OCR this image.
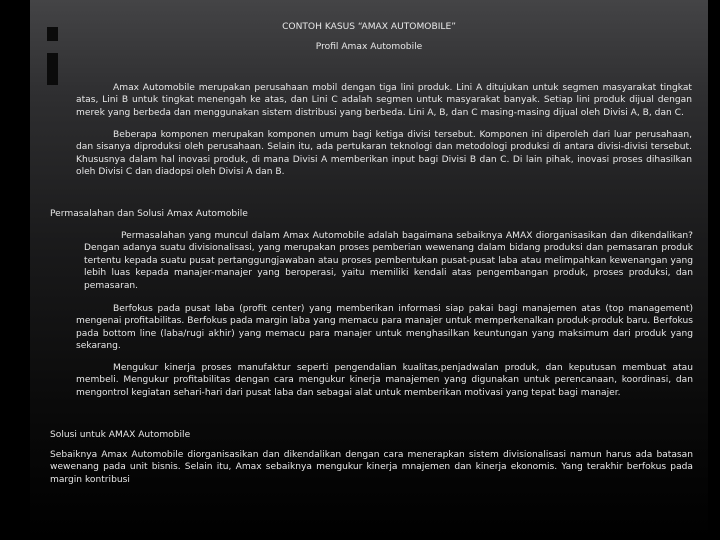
CONTOH KASUS “AMAX AUTOMOBILE”

Profil Amax Automobile

Amax Automobile merupakan perusahaan mobil dengan tiga lini produk. Lini A ditujukan untuk segmen masyarakat tingkat atas, Lini B untuk tingkat menengah ke atas, dan Lini C adalah segmen untuk masyarakat banyak. Setiap lini produk dijual dengan merek yang berbeda dan menggunakan sistem distribusi yang berbeda. Lini A, B, dan C masing-masing dijual oleh Divisi A, B, dan C.

Beberapa komponen merupakan komponen umum bagi ketiga divisi tersebut. Komponen ini diperoleh dari luar perusahaan, dan sisanya diproduksi oleh perusahaan. Selain itu, ada pertukaran teknologi dan metodologi produksi di antara divisi-divisi tersebut. Khususnya dalam hal inovasi produk, di mana Divisi A memberikan input bagi Divisi B dan C. Di lain pihak, inovasi proses dihasilkan oleh Divisi C dan diadopsi oleh Divisi A dan B.

Permasalahan dan Solusi Amax Automobile

Permasalahan yang muncul dalam Amax Automobile adalah bagaimana sebaiknya AMAX diorganisasikan dan dikendalikan? Dengan adanya suatu divisionalisasi, yang merupakan proses pemberian wewenang dalam bidang produksi dan pemasaran produk tertentu kepada suatu pusat pertanggungjawaban atau proses pembentukan pusat-pusat laba atau melimpahkan kewenangan yang lebih luas kepada manajer-manajer yang beroperasi, yaitu memiliki kendali atas pengembangan produk, proses produksi, dan pemasaran.

Berfokus pada pusat laba (profit center) yang memberikan informasi siap pakai bagi manajemen atas (top management) mengenai profitabilitas. Berfokus pada margin laba yang memacu para manajer untuk memperkenalkan produk-produk baru. Berfokus pada bottom line (laba/rugi akhir) yang memacu para manajer untuk menghasilkan keuntungan yang maksimum dari produk yang sekarang.

Mengukur kinerja proses manufaktur seperti pengendalian kualitas,penjadwalan produk, dan keputusan membuat atau membeli. Mengukur profitabilitas dengan cara mengukur kinerja manajemen yang digunakan untuk perencanaan, koordinasi, dan mengontrol kegiatan sehari-hari dari pusat laba dan sebagai alat untuk memberikan motivasi yang tepat bagi manajer.

Solusi untuk AMAX Automobile

Sebaiknya Amax Automobile diorganisasikan dan dikendalikan dengan cara menerapkan sistem divisionalisasi namun harus ada batasan wewenang pada unit bisnis. Selain itu, Amax sebaiknya mengukur kinerja mnajemen dan kinerja ekonomis. Yang terakhir berfokus pada margin kontribusi
